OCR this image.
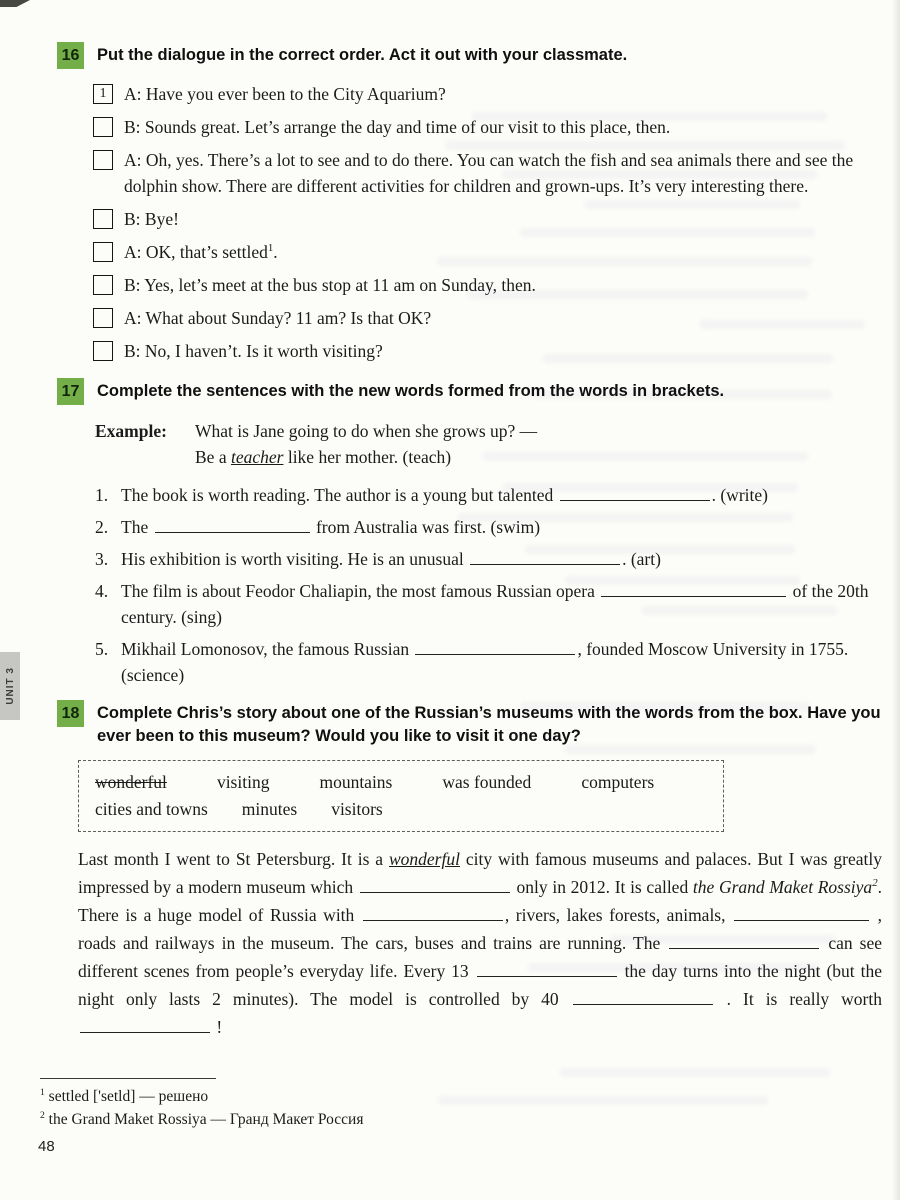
16 Put the dialogue in the correct order. Act it out with your classmate.
1	A: Have you ever been to the City Aquarium?
B: Sounds great. Let’s arrange the day and time of our visit to this place, then.
A: Oh, yes. There’s a lot to see and to do there. You can watch the fish and sea animals there and see the dolphin show. There are different activities for children and grown-ups. It’s very interesting there.
B: Bye!
A: OK, that’s settled$^1$.
B: Yes, let’s meet at the bus stop at 11 am on Sunday, then.
A: What about Sunday? 11 am? Is that OK?
B: No, I haven’t. Is it worth visiting?
17 Complete the sentences with the new words formed from the words in brackets.
Example:	What is Jane going to do when she grows up? —
Be a teacher like her mother. (teach)
1. The book is worth reading. The author is a young but talented	. (write)
2. The	from Australia was first. (swim)
3. His exhibition is worth visiting. He is an unusual	. (art)
4. The film is about Feodor Chaliapin, the most famous Russian opera	of the 20th century. (sing)
5. Mikhail Lomonosov, the famous Russian	, founded Moscow University in 1755. (science)
18 Complete Chris’s story about one of the Russian’s museums with the words from the box. Have you ever been to this museum? Would you like to visit it one day?
wonderful	visiting	mountains	was founded	computers
cities and towns minutes visitors

Last month I went to St Petersburg. It is a wonderful city with famous museums and palaces. But I was greatly impressed by a modern museum which	only in 2012. It is called the Grand Maket Rossiya$^2$. There is a huge model of Russia with	, rivers, lakes forests, animals,	, roads and railways in the museum. The cars, buses and trains are running. The	can see different scenes from people’s everyday life. Every 13	the day turns into the night (but the night only lasts 2 minutes). The model is controlled by 40	. It is really worth  !

$^1$ settled ['setld] — решено
$^2$ the Grand Maket Rossiya — Гранд Макет Россия
48
UNIT 3
